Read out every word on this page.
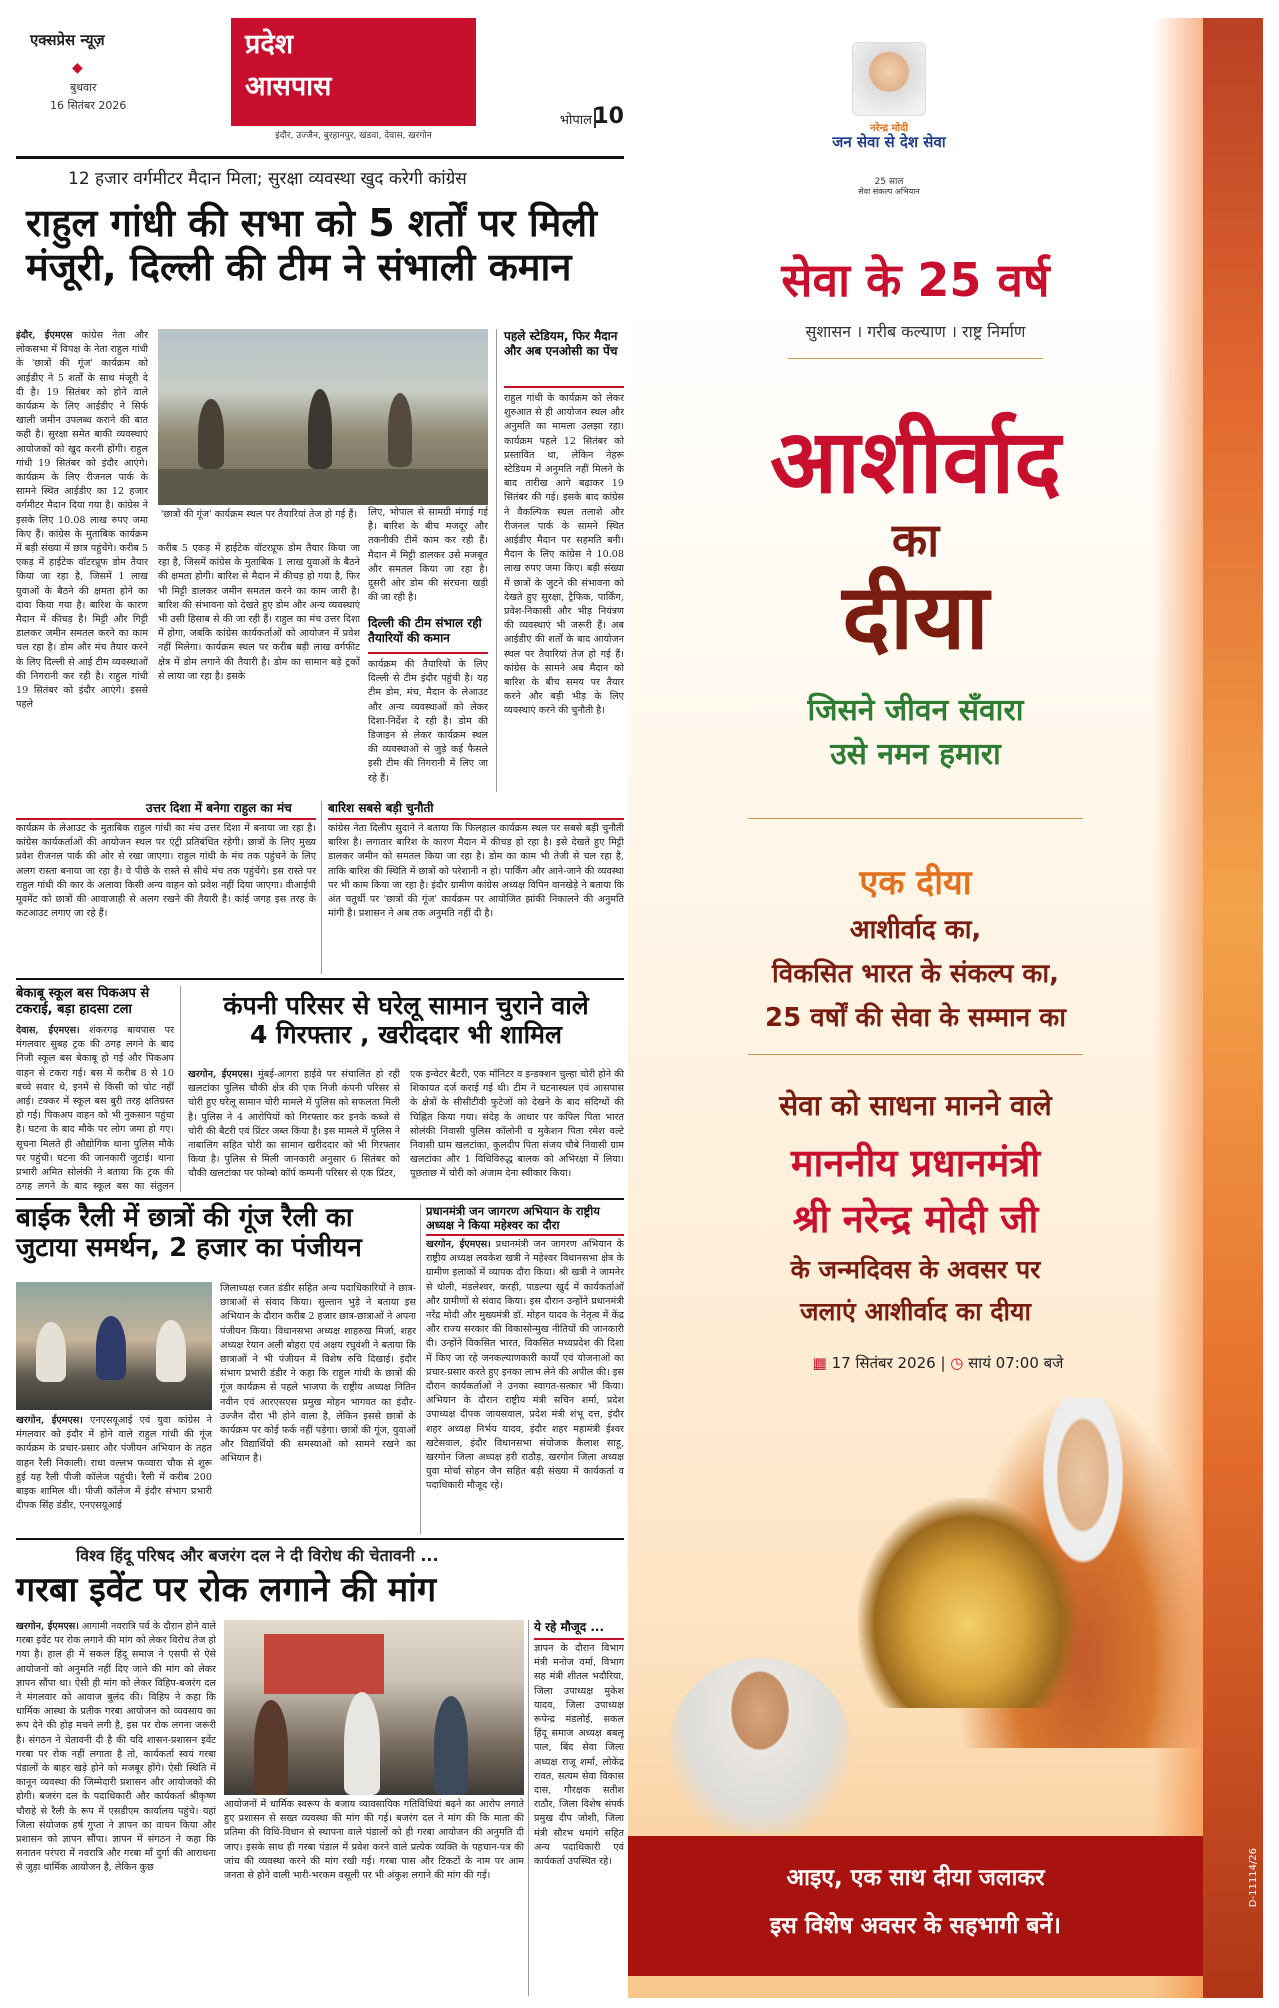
एक्सप्रेस न्यूज़
◆
बुधवार
16 सितंबर 2026
प्रदेश
आसपास
इंदौर, उज्जैन, बुरहानपुर, खंडवा, देवास, खरगोन
भोपाल 10
12 हजार वर्गमीटर मैदान मिला; सुरक्षा व्यवस्था खुद करेगी कांग्रेस
राहुल गांधी की सभा को 5 शर्तों पर मिली
मंजूरी, दिल्ली की टीम ने संभाली कमान
इंदौर, ईएमएस कांग्रेस नेता और लोकसभा में विपक्ष के नेता राहुल गांधी के 'छात्रों की गूंज' कार्यक्रम को आईडीए ने 5 शर्तों के साथ मंजूरी दे दी है। 19 सितंबर को होने वाले कार्यक्रम के लिए आईडीए ने सिर्फ खाली जमीन उपलब्ध कराने की बात कही है। सुरक्षा समेत बाकी व्यवस्थाएं आयोजकों को खुद करनी होंगी। राहुल गांधी 19 सितंबर को इंदौर आएंगे। कार्यक्रम के लिए रीजनल पार्क के सामने स्थित आईडीए का 12 हजार वर्गमीटर मैदान दिया गया है। कांग्रेस ने इसके लिए 10.08 लाख रुपए जमा किए हैं। कांग्रेस के मुताबिक कार्यक्रम में बड़ी संख्या में छात्र पहुंचेंगे। करीब 5 एकड़ में हाईटेक वॉटरप्रूफ डोम तैयार किया जा रहा है, जिसमें 1 लाख युवाओं के बैठने की क्षमता होने का दावा किया गया है। बारिश के कारण मैदान में कीचड़ है। मिट्टी और गिट्टी डालकर जमीन समतल करने का काम चल रहा है। डोम और मंच तैयार करने के लिए दिल्ली से आई टीम व्यवस्थाओं की निगरानी कर रही है। राहुल गांधी 19 सितंबर को इंदौर आएंगे। इससे पहले
'छात्रों की गूंज' कार्यक्रम स्थल पर तैयारियां तेज हो गई हैं।
करीब 5 एकड़ में हाईटेक वॉटरप्रूफ डोम तैयार किया जा रहा है, जिसमें कांग्रेस के मुताबिक 1 लाख युवाओं के बैठने की क्षमता होगी। बारिश से मैदान में कीचड़ हो गया है, फिर भी मिट्टी डालकर जमीन समतल करने का काम जारी है। बारिश की संभावना को देखते हुए डोम और अन्य व्यवस्थाएं भी उसी हिसाब से की जा रही हैं। राहुल का मंच उत्तर दिशा में होगा, जबकि कांग्रेस कार्यकर्ताओं को आयोजन में प्रवेश नहीं मिलेगा। कार्यक्रम स्थल पर करीब बड़ी लाख वर्गफीट क्षेत्र में डोम लगाने की तैयारी है। डोम का सामान बड़े ट्रकों से लाया जा रहा है। इसके
लिए, भोपाल से सामग्री मंगाई गई है। बारिश के बीच मजदूर और तकनीकी टीमें काम कर रही हैं। मैदान में मिट्टी डालकर उसे मजबूत और समतल किया जा रहा है। दूसरी ओर डोम की संरचना खड़ी की जा रही है।
दिल्ली की टीम संभाल रही तैयारियों की कमान
कार्यक्रम की तैयारियों के लिए दिल्ली से टीम इंदौर पहुंची है। यह टीम डोम, मंच, मैदान के लेआउट और अन्य व्यवस्थाओं को लेकर दिशा-निर्देश दे रही है। डोम की डिजाइन से लेकर कार्यक्रम स्थल की व्यवस्थाओं से जुड़े कई फैसले इसी टीम की निगरानी में लिए जा रहे हैं।
पहले स्टेडियम, फिर मैदान और अब एनओसी का पेंच
राहुल गांधी के कार्यक्रम को लेकर शुरुआत से ही आयोजन स्थल और अनुमति का मामला उलझा रहा। कार्यक्रम पहले 12 सितंबर को प्रस्तावित था, लेकिन नेहरू स्टेडियम में अनुमति नहीं मिलने के बाद तारीख आगे बढ़ाकर 19 सितंबर की गई। इसके बाद कांग्रेस ने वैकल्पिक स्थल तलाशे और रीजनल पार्क के सामने स्थित आईडीए मैदान पर सहमति बनी। मैदान के लिए कांग्रेस ने 10.08 लाख रुपए जमा किए। बड़ी संख्या में छात्रों के जुटने की संभावना को देखते हुए सुरक्षा, ट्रैफिक, पार्किंग, प्रवेश-निकासी और भीड़ नियंत्रण की व्यवस्थाएं भी जरूरी हैं। अब आईडीए की शर्तों के बाद आयोजन स्थल पर तैयारियां तेज हो गई हैं। कांग्रेस के सामने अब मैदान को बारिश के बीच समय पर तैयार करने और बड़ी भीड़ के लिए व्यवस्थाएं करने की चुनौती है।
उत्तर दिशा में बनेगा राहुल का मंच
कार्यक्रम के लेआउट के मुताबिक राहुल गांधी का मंच उत्तर दिशा में बनाया जा रहा है। कांग्रेस कार्यकर्ताओं की आयोजन स्थल पर एंट्री प्रतिबंधित रहेगी। छात्रों के लिए मुख्य प्रवेश रीजनल पार्क की ओर से रखा जाएगा। राहुल गांधी के मंच तक पहुंचने के लिए अलग रास्ता बनाया जा रहा है। वे पीछे के रास्ते से सीधे मंच तक पहुंचेंगे। इस रास्ते पर राहुल गांधी की कार के अलावा किसी अन्य वाहन को प्रवेश नहीं दिया जाएगा। वीआईपी मूवमेंट को छात्रों की आवाजाही से अलग रखने की तैयारी है। कांई जगह इस तरह के कटआउट लगाए जा रहे हैं।
बारिश सबसे बड़ी चुनौती
कांग्रेस नेता दिलीप सुदाने ने बताया कि फिलहाल कार्यक्रम स्थल पर सबसे बड़ी चुनौती बारिश है। लगातार बारिश के कारण मैदान में कीचड़ हो रहा है। इसे देखते हुए मिट्टी डालकर जमीन को समतल किया जा रहा है। डोम का काम भी तेजी से चल रहा है, ताकि बारिश की स्थिति में छात्रों को परेशानी न हो। पार्किंग और आने-जाने की व्यवस्था पर भी काम किया जा रहा है। इंदौर ग्रामीण कांग्रेस अध्यक्ष विपिन वानखेड़े ने बताया कि अंत चतुर्थी पर 'छात्रों की गूंज' कार्यक्रम पर आयोजित झांकी निकालने की अनुमति मांगी है। प्रशासन ने अब तक अनुमति नहीं दी है।
बेकाबू स्कूल बस पिकअप से टकराई, बड़ा हादसा टला
देवास, ईएमएस। शंकरगढ़ बायपास पर मंगलवार सुबह ट्रक की ठगह लगने के बाद निजी स्कूल बस बेकाबू हो गई और पिकअप वाहन से टकरा गई। बस में करीब 8 से 10 बच्चे सवार थे, इनमें से किसी को चोट नहीं आई। टक्कर में स्कूल बस बुरी तरह क्षतिग्रस्त हो गई। पिकअप वाहन को भी नुकसान पहुंचा है। घटना के बाद मौके पर लोग जमा हो गए। सूचना मिलते ही औद्योगिक थाना पुलिस मौके पर पहुंची। घटना की जानकारी जुटाई। थाना प्रभारी अमित सोलंकी ने बताया कि ट्रक की ठगह लगने के बाद स्कूल बस का संतुलन
कंपनी परिसर से घरेलू सामान चुराने वाले
4 गिरफ्तार , खरीददार भी शामिल
खरगोन, ईएमएस। मुंबई-आगरा हाईवे पर संचालित हो रही खलटांका पुलिस चौकी क्षेत्र की एक निजी कंपनी परिसर से चोरी हुए घरेलू सामान चोरी मामले में पुलिस को सफलता मिली है। पुलिस ने 4 आरोपियों को गिरफ्तार कर इनके कब्जे से चोरी की बैटरी एवं प्रिंटर जब्त किया है। इस मामले में पुलिस ने नाबालिग सहित चोरी का सामान खरीददार को भी गिरफ्तार किया है। पुलिस से मिली जानकारी अनुसार 6 सितंबर को चौकी खलटांका पर फोम्बो कॉर्प कम्पनी परिसर से एक प्रिंटर,
एक इन्वेटर बैटरी, एक मॉनिटर व इन्डक्शन चुल्हा चोरी होने की शिकायत दर्ज कराई गई थी। टीम ने घटनास्थल एवं आसपास के क्षेत्रों के सीसीटीवी फुटेजों को देखने के बाद संदिग्धों की चिह्नित किया गया। संदेह के आधार पर कपिल पिता भारत सोलंकी निवासी पुलिस कॉलोनी व मुकेशन पिता रमेश वल्टे निवासी ग्राम खलटांका, कुलदीप पिता संजय चौबे निवासी ग्राम खलटांका और 1 विधिविरुद्ध बालक को अभिरक्षा में लिया। पूछताछ में चोरी को अंजाम देना स्वीकार किया।
बाईक रैली में छात्रों की गूंज रैली का
जुटाया समर्थन, 2 हजार का पंजीयन
खरगोन, ईएमएस। एनएसयूआई एवं युवा कांग्रेस ने मंगलवार को इंदौर में होने वाले राहुल गांधी की गूंज कार्यक्रम के प्रचार-प्रसार और पंजीयन अभियान के तहत वाहन रैली निकाली। राधा वल्लभ फव्वारा चौक से शुरू हुई यह रैली पीजी कॉलेज पहुंची। रैली में करीब 200 बाइक शामिल थी। पीजी कॉलेज में इंदौर संभाग प्रभारी दीपक सिंह डंडीर, एनएसयूआई
जिलाध्यक्ष रजत डंडीर सहित अन्य पदाधिकारियों ने छात्र-छात्राओं से संवाद किया। सुल्तान भुड़े ने बताया इस अभियान के दौरान करीब 2 हजार छात्र-छात्राओं ने अपना पंजीयन किया। विधानसभा अध्यक्ष शाहरुख मिर्जा, शहर अध्यक्ष रेयान अली बोहरा एवं अक्षय रघुवंशी ने बताया कि छात्राओं ने भी पंजीयन में विशेष रुचि दिखाई। इंदौर संभाग प्रभारी डंडीर ने कहा कि राहुल गांधी के छात्रों की गूंज कार्यक्रम से पहले भाजपा के राष्ट्रीय अध्यक्ष नितिन नवीन एवं आरएसएस प्रमुख मोहन भागवत का इंदौर-उज्जैन दौरा भी होने वाला है, लेकिन इससे छात्रों के कार्यक्रम पर कोई फर्क नहीं पड़ेगा। छात्रों की गूंज, युवाओं और विद्यार्थियों की समस्याओं को सामने रखने का अभियान है।
प्रधानमंत्री जन जागरण अभियान के राष्ट्रीय अध्यक्ष ने किया महेश्वर का दौरा
खरगोन, ईएमएस। प्रधानमंत्री जन जागरण अभियान के राष्ट्रीय अध्यक्ष लवकेश खत्री ने महेश्वर विधानसभा क्षेत्र के ग्रामीण इलाकों में व्यापक दौरा किया। श्री खत्री ने जामनेर से धोली, मंडलेश्वर, करही, पाडल्या खुर्द में कार्यकर्ताओं और ग्रामीणों से संवाद किया। इस दौरान उन्होंने प्रधानमंत्री नरेंद्र मोदी और मुख्यमंत्री डॉ. मोहन यादव के नेतृत्व में केंद्र और राज्य सरकार की विकासोन्मुख नीतियों की जानकारी दी। उन्होंने विकसित भारत, विकसित मध्यप्रदेश की दिशा में किए जा रहे जनकल्याणकारी कार्यों एवं योजनाओं का प्रचार-प्रसार करते हुए इनका लाभ लेने की अपील की। इस दौरान कार्यकर्ताओं ने उनका स्वागत-सत्कार भी किया। अभियान के दौरान राष्ट्रीय मंत्री सचिन शर्मा, प्रदेश उपाध्यक्ष दीपक जायसवाल, प्रदेश मंत्री शंभू दत्त, इंदौर शहर अध्यक्ष निर्भय यादव, इंदौर शहर महामंत्री ईश्वर खटेसवाल, इंदौर विधानसभा संयोजक कैलाश साहू, खरगोन जिला अध्यक्ष हरी राठौड़, खरगोन जिला अध्यक्ष युवा मोर्चा सोहन जैन सहित बड़ी संख्या में कार्यकर्ता व पदाधिकारी मौजूद रहे।
विश्व हिंदू परिषद और बजरंग दल ने दी विरोध की चेतावनी ...
गरबा इवेंट पर रोक लगाने की मांग
खरगोन, ईएमएस। आगामी नवरात्रि पर्व के दौरान होने वाले गरबा इवेंट पर रोक लगाने की मांग को लेकर विरोध तेज हो गया है। हाल ही में सकल हिंदू समाज ने एसपी से ऐसे आयोजनों को अनुमति नहीं दिए जाने की मांग को लेकर ज्ञापन सौंपा था। ऐसी ही मांग को लेकर विहिप-बजरंग दल ने मंगलवार को आवाज बुलंद की। विहिप ने कहा कि धार्मिक आस्था के प्रतीक गरबा आयोजन को व्यवसाय का रूप देने की होड़ मचने लगी है, इस पर रोक लगना जरूरी है। संगठन ने चेतावनी दी है की यदि शासन-प्रशासन इवेंट गरबा पर रोक नहीं लगाता है तो, कार्यकर्ता स्वयं गरबा पंडालों के बाहर खड़े होने को मजबूर होंगे। ऐसी स्थिति में कानून व्यवस्था की जिम्मेदारी प्रशासन और आयोजकों की होगी। बजरंग दल के पदाधिकारी और कार्यकर्ता श्रीकृष्ण चौराहे से रैली के रूप में एसडीएम कार्यालय पहुंचे। यहां जिला संयोजक हर्ष गुप्ता ने ज्ञापन का वाचन किया और प्रशासन को ज्ञापन सौंपा। ज्ञापन में संगठन ने कहा कि सनातन परंपरा में नवरात्रि और गरबा माँ दुर्गा की आराधना से जुड़ा धार्मिक आयोजन है, लेकिन कुछ
आयोजनों में धार्मिक स्वरूप के बजाय व्यावसायिक गतिविधियां बढ़ने का आरोप लगाते हुए प्रशासन से सख्त व्यवस्था की मांग की गई। बजरंग दल ने मांग की कि माता की प्रतिमा की विधि-विधान से स्थापना वाले पंडालों को ही गरबा आयोजन की अनुमति दी जाए। इसके साथ ही गरबा पंडाल में प्रवेश करने वाले प्रत्येक व्यक्ति के पहचान-पत्र की जांच की व्यवस्था करने की मांग रखी गई। गरबा पास और टिकटों के नाम पर आम जनता से होने वाली भारी-भरकम वसूली पर भी अंकुश लगाने की मांग की गई।
ये रहे मौजूद ...
ज्ञापन के दौरान विभाग मंत्री मनोज वर्मा, विभाग सह मंत्री शीतल भदौरिया, जिला उपाध्यक्ष मुकेश यादव, जिला उपाध्यक्ष रूपेन्द्र मंडलोई, सकल हिंदू समाज अध्यक्ष बबलू पाल, बिंद सेवा जिला अध्यक्ष राजू शर्मा, लोकेंद्र रावत, सत्यम सेवा विकास दास, गौरक्षक सतीश राठौर, जिला विशेष संपर्क प्रमुख दीप जोशी, जिला मंत्री सौरभ धमांगे सहित अन्य पदाधिकारी एवं कार्यकर्ता उपस्थित रहे।
नरेन्द्र मोदी
जन सेवा से देश सेवा
25 साल
सेवा संकल्प अभियान
सेवा के 25 वर्ष
सुशासन । गरीब कल्याण । राष्ट्र निर्माण
आशीर्वाद
का
दीया
जिसने जीवन सँवारा
उसे नमन हमारा
एक दीया
आशीर्वाद का,
विकसित भारत के संकल्प का,
25 वर्षों की सेवा के सम्मान का
सेवा को साधना मानने वाले
माननीय प्रधानमंत्री
श्री नरेन्द्र मोदी जी
के जन्मदिवस के अवसर पर
जलाएं आशीर्वाद का दीया
▦ 17 सितंबर 2026 | ◷ सायं 07:00 बजे
आइए, एक साथ दीया जलाकर
इस विशेष अवसर के सहभागी बनें।
D-11114/26
